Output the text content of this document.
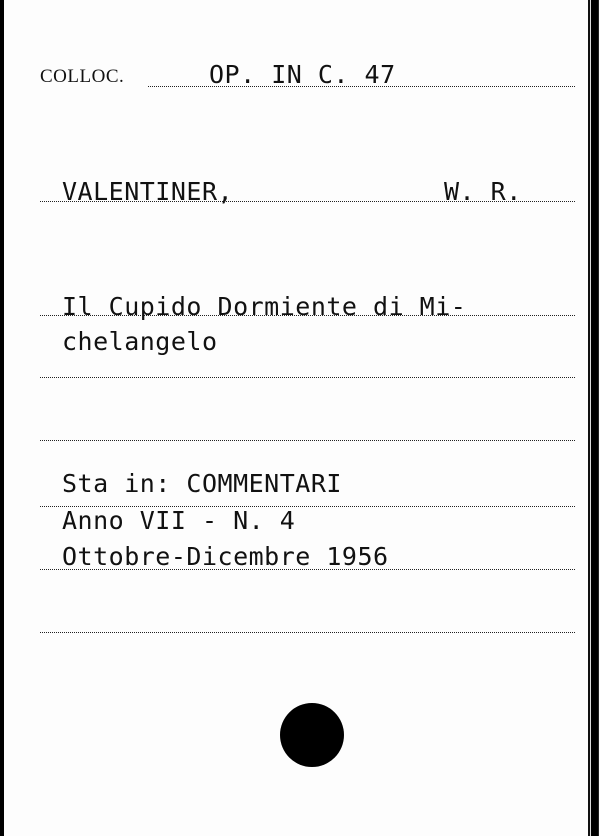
COLLOC.	OP. IN C. 47
VALENTINER,	W. R.
Il Cupido Dormiente di Mi-
chelangelo
Sta in: COMMENTARI
Anno VII - N. 4
Ottobre-Dicembre 1956
